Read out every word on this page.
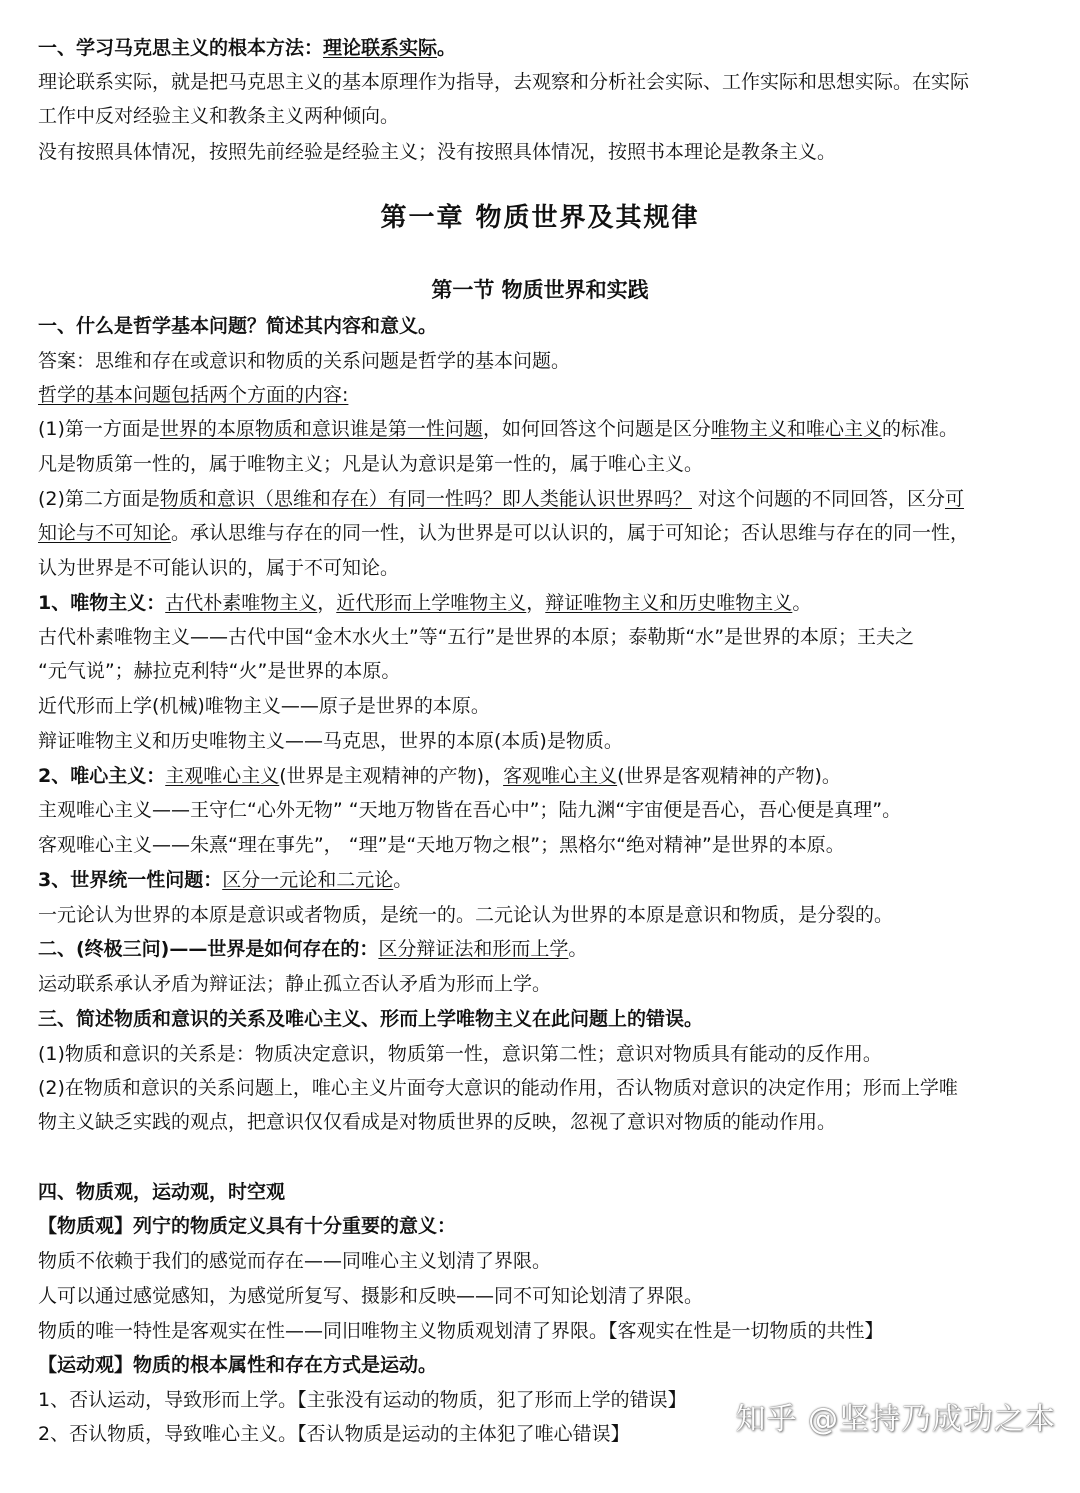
一、学习马克思主义的根本方法：理论联系实际。
理论联系实际，就是把马克思主义的基本原理作为指导，去观察和分析社会实际、工作实际和思想实际。在实际
工作中反对经验主义和教条主义两种倾向。
没有按照具体情况，按照先前经验是经验主义；没有按照具体情况，按照书本理论是教条主义。
第一章 物质世界及其规律
第一节 物质世界和实践
一、什么是哲学基本问题？简述其内容和意义。
答案：思维和存在或意识和物质的关系问题是哲学的基本问题。
哲学的基本问题包括两个方面的内容:
(1)第一方面是世界的本原物质和意识谁是第一性问题，如何回答这个问题是区分唯物主义和唯心主义的标准。
凡是物质第一性的，属于唯物主义；凡是认为意识是第一性的，属于唯心主义。
(2)第二方面是物质和意识（思维和存在）有同一性吗？即人类能认识世界吗？ 对这个问题的不同回答，区分可
知论与不可知论。承认思维与存在的同一性，认为世界是可以认识的，属于可知论；否认思维与存在的同一性，
认为世界是不可能认识的，属于不可知论。
1、唯物主义：古代朴素唯物主义，近代形而上学唯物主义，辩证唯物主义和历史唯物主义。
古代朴素唯物主义——古代中国“金木水火土”等“五行”是世界的本原；泰勒斯“水”是世界的本原；王夫之
“元气说”；赫拉克利特“火”是世界的本原。
近代形而上学(机械)唯物主义——原子是世界的本原。
辩证唯物主义和历史唯物主义——马克思，世界的本原(本质)是物质。
2、唯心主义：主观唯心主义(世界是主观精神的产物)，客观唯心主义(世界是客观精神的产物)。
主观唯心主义——王守仁“心外无物” “天地万物皆在吾心中”；陆九渊“宇宙便是吾心，吾心便是真理”。
客观唯心主义——朱熹“理在事先”， “理”是“天地万物之根”；黑格尔“绝对精神”是世界的本原。
3、世界统一性问题：区分一元论和二元论。
一元论认为世界的本原是意识或者物质，是统一的。二元论认为世界的本原是意识和物质，是分裂的。
二、(终极三问)——世界是如何存在的：区分辩证法和形而上学。
运动联系承认矛盾为辩证法；静止孤立否认矛盾为形而上学。
三、简述物质和意识的关系及唯心主义、形而上学唯物主义在此问题上的错误。
(1)物质和意识的关系是：物质决定意识，物质第一性，意识第二性；意识对物质具有能动的反作用。
(2)在物质和意识的关系问题上，唯心主义片面夸大意识的能动作用，否认物质对意识的决定作用；形而上学唯
物主义缺乏实践的观点，把意识仅仅看成是对物质世界的反映，忽视了意识对物质的能动作用。
四、物质观，运动观，时空观
【物质观】列宁的物质定义具有十分重要的意义：
物质不依赖于我们的感觉而存在——同唯心主义划清了界限。
人可以通过感觉感知，为感觉所复写、摄影和反映——同不可知论划清了界限。
物质的唯一特性是客观实在性——同旧唯物主义物质观划清了界限。【客观实在性是一切物质的共性】
【运动观】物质的根本属性和存在方式是运动。
1、否认运动，导致形而上学。【主张没有运动的物质，犯了形而上学的错误】
2、否认物质，导致唯心主义。【否认物质是运动的主体犯了唯心错误】	知乎 @坚持乃成功之本
